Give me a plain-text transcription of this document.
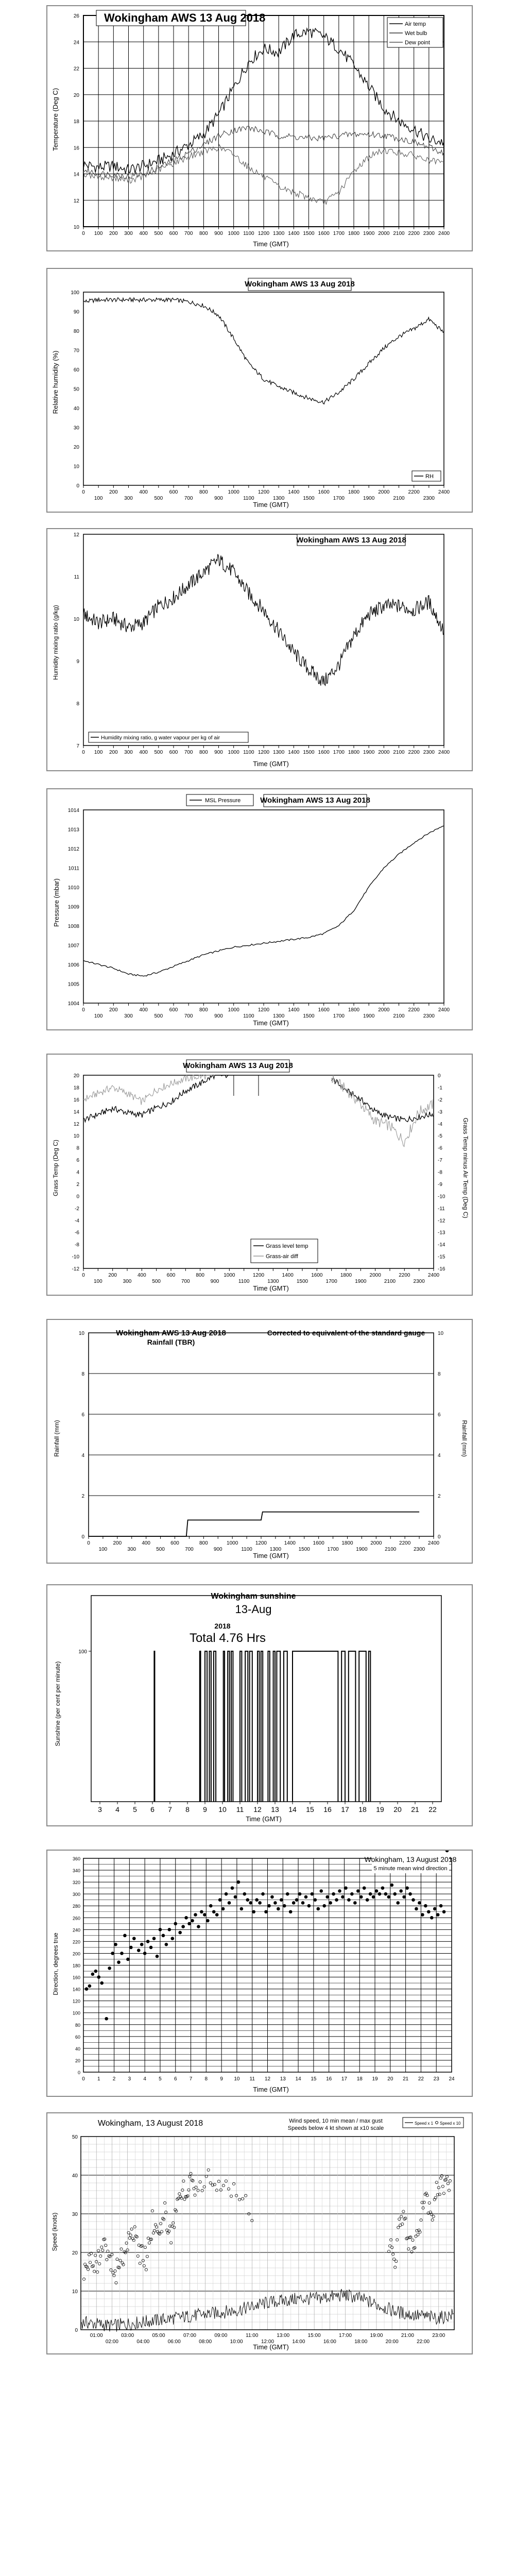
Temperature (Deg C)
Time (GMT)
10
12
14
16
18
20
22
24
26
0 100 200 300 400 500 600 700 800 900 1000 1100 1200 1300 1400 1500 1600 1700 1800 1900 2000 2100 2200 2300 2400
Wokingham AWS 13 Aug 2018	Air temp
Wet bulb
Dew point
Relative humidity (%)
Time (GMT)
0
10
20
30
40
50
60
70
80
90
100
0
100
200
300
400
500
600
700
800
900
1000
1100
1200
1300
1400
1500
1600
1700
1800
1900
2000
2100
2200
2300
2400
Wokingham AWS 13 Aug 2018
RH
Humidity mixing ratio (g/kg)
Time (GMT)
7
8
9
10
11
12
0 100 200 300 400 500 600 700 800 900 1000 1100 1200 1300 1400 1500 1600 1700 1800 1900 2000 2100 2200 2300 2400
Wokingham AWS 13 Aug 2018
Humidity mixing ratio, g water vapour per kg of air
Pressure (mbar)
Time (GMT)
1004
1005
1006
1007
1008
1009
1010
1011
1012
1013
1014
0
100
200
300
400
500
600
700
800
900
1000
1100
1200
1300
1400
1500
1600
1700
1800
1900
2000
2100
2200
2300
2400
Wokingham AWS 13 Aug 2018
MSL Pressure
Grass Temp (Deg C)	Grass Temp minus Air Temp (Deg C)
Time (GMT)
-12
-10
-8
-6
-4
-2
0
2
4
6
8
10
12
14
16
18
20
-16
-15
-14
-13
-12
-11
-10
-9
-8
-7
-6
-5
-4
-3
-2
-1
0
0
100
200
300
400
500
600
700
800
900
1000
1100
1200
1300
1400
1500
1600
1700
1800
1900
2000
2100
2200
2300
2400
Wokingham AWS 13 Aug 2018
Grass level temp
Grass-air diff
Wokingham AWS 13 Aug 2018
Rainfall (TBR)
Corrected to equivalent of the standard gauge
Rainfall (mm)	Rainfall (mm)
Time (GMT)
0
2
4
6
8
10
0
2
4
6
8
10
0
100
200
300
400
500
600
700
800
900
1000
1100
1200
1300
1400
1500
1600
1700
1800
1900
2000
2100
2200
2300
2400
Wokingham sunshine
13-Aug
2018
Total 4.76 Hrs
Sunshine (per cent per minute)
Time (GMT)
100
3 4 5 6 7 8 9 10 11 12 13 14 15 16 17 18 19 20 21 22
Direction, degrees true
Time (GMT)
0
20
40
60
80
100
120
140
160
180
200
220
240
260
280
300
320
340
360
0 1 2 3 4 5 6 7 8 9 10 11 12 13 14 15 16 17 18 19 20 21 22 23 24
Wokingham, 13 August 2018
5 minute mean wind direction
Wind speed, 10 min mean / max gust
Speeds below 4 kt shown at x10 scale
Speed (knots)
Time (GMT)
0
10
20
30
40
50
01:00
02:00
03:00
04:00
05:00
06:00
07:00
08:00
09:00
10:00
11:00
12:00
13:00
14:00
15:00
16:00
17:00
18:00
19:00
20:00
21:00
22:00
23:00
Speed x 1 Speed x 10
Wokingham, 13 August 2018
